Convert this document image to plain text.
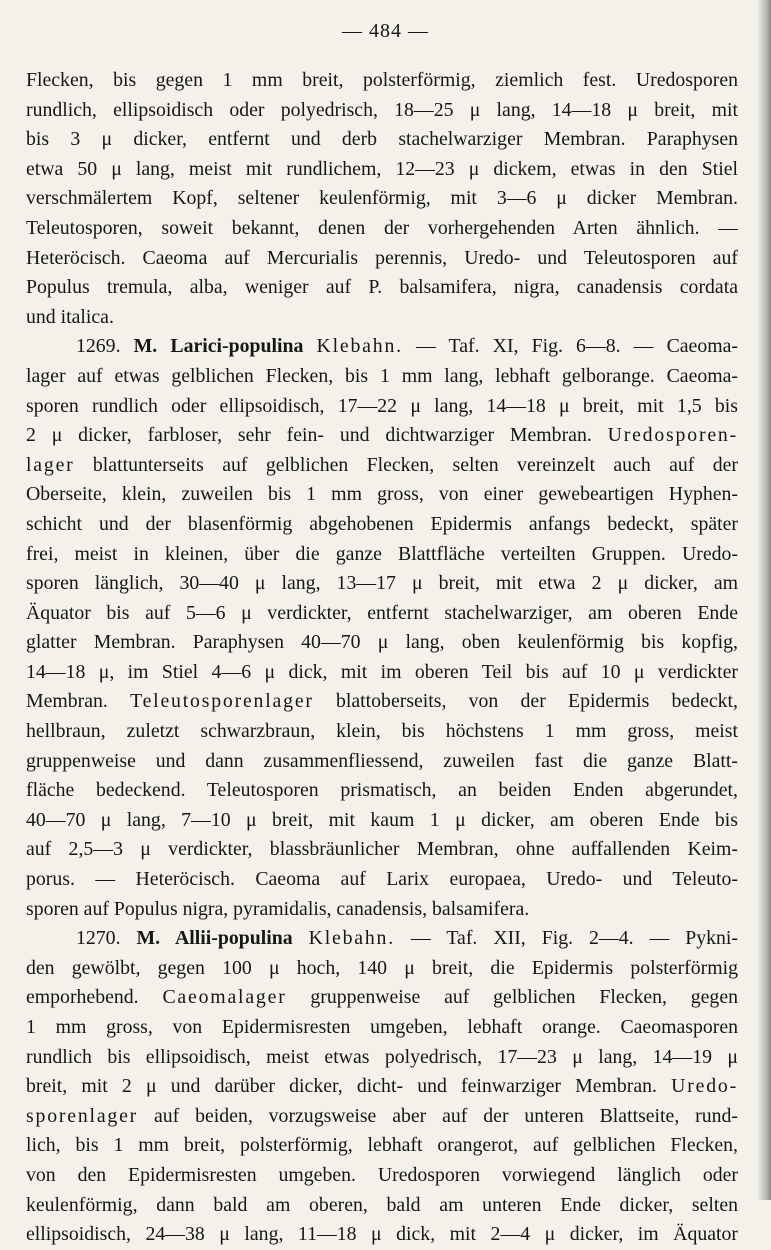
— 484 —
Flecken, bis gegen 1 mm breit, polsterförmig, ziemlich fest. Uredosporen
rundlich, ellipsoidisch oder polyedrisch, 18—25 μ lang, 14—18 μ breit, mit
bis 3 μ dicker, entfernt und derb stachelwarziger Membran. Paraphysen
etwa 50 μ lang, meist mit rundlichem, 12—23 μ dickem, etwas in den Stiel
verschmälertem Kopf, seltener keulenförmig, mit 3—6 μ dicker Membran.
Teleutosporen, soweit bekannt, denen der vorhergehenden Arten ähnlich. —
Heteröcisch. Caeoma auf Mercurialis perennis, Uredo- und Teleutosporen auf
Populus tremula, alba, weniger auf P. balsamifera, nigra, canadensis cordata
und italica.
1269. M. Larici-populina Klebahn. — Taf. XI, Fig. 6—8. — Caeoma-
lager auf etwas gelblichen Flecken, bis 1 mm lang, lebhaft gelborange. Caeoma-
sporen rundlich oder ellipsoidisch, 17—22 μ lang, 14—18 μ breit, mit 1,5 bis
2 μ dicker, farbloser, sehr fein- und dichtwarziger Membran. Uredosporen-
lager blattunterseits auf gelblichen Flecken, selten vereinzelt auch auf der
Oberseite, klein, zuweilen bis 1 mm gross, von einer gewebeartigen Hyphen-
schicht und der blasenförmig abgehobenen Epidermis anfangs bedeckt, später
frei, meist in kleinen, über die ganze Blattfläche verteilten Gruppen. Uredo-
sporen länglich, 30—40 μ lang, 13—17 μ breit, mit etwa 2 μ dicker, am
Äquator bis auf 5—6 μ verdickter, entfernt stachelwarziger, am oberen Ende
glatter Membran. Paraphysen 40—70 μ lang, oben keulenförmig bis kopfig,
14—18 μ, im Stiel 4—6 μ dick, mit im oberen Teil bis auf 10 μ verdickter
Membran. Teleutosporenlager blattoberseits, von der Epidermis bedeckt,
hellbraun, zuletzt schwarzbraun, klein, bis höchstens 1 mm gross, meist
gruppenweise und dann zusammenfliessend, zuweilen fast die ganze Blatt-
fläche bedeckend. Teleutosporen prismatisch, an beiden Enden abgerundet,
40—70 μ lang, 7—10 μ breit, mit kaum 1 μ dicker, am oberen Ende bis
auf 2,5—3 μ verdickter, blassbräunlicher Membran, ohne auffallenden Keim-
porus. — Heteröcisch. Caeoma auf Larix europaea, Uredo- und Teleuto-
sporen auf Populus nigra, pyramidalis, canadensis, balsamifera.
1270. M. Allii-populina Klebahn. — Taf. XII, Fig. 2—4. — Pykni-
den gewölbt, gegen 100 μ hoch, 140 μ breit, die Epidermis polsterförmig
emporhebend. Caeomalager gruppenweise auf gelblichen Flecken, gegen
1 mm gross, von Epidermisresten umgeben, lebhaft orange. Caeomasporen
rundlich bis ellipsoidisch, meist etwas polyedrisch, 17—23 μ lang, 14—19 μ
breit, mit 2 μ und darüber dicker, dicht- und feinwarziger Membran. Uredo-
sporenlager auf beiden, vorzugsweise aber auf der unteren Blattseite, rund-
lich, bis 1 mm breit, polsterförmig, lebhaft orangerot, auf gelblichen Flecken,
von den Epidermisresten umgeben. Uredosporen vorwiegend länglich oder
keulenförmig, dann bald am oberen, bald am unteren Ende dicker, selten
ellipsoidisch, 24—38 μ lang, 11—18 μ dick, mit 2—4 μ dicker, im Äquator
